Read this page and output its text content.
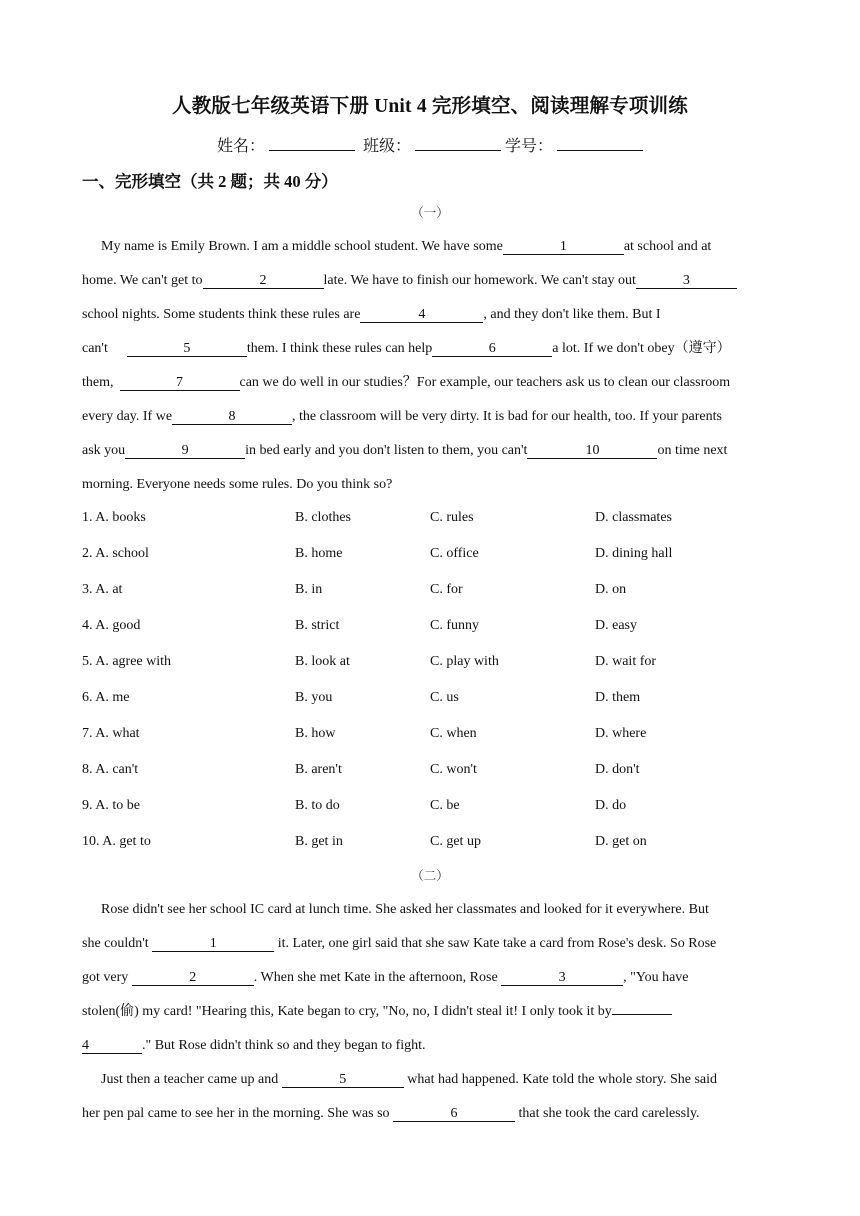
人教版七年级英语下册 Unit 4 完形填空、阅读理解专项训练
姓名：	班级：	学号：
一、完形填空（共 2 题；共 40 分）
（一）
My name is Emily Brown. I am a middle school student. We have some	1	at school and at
home. We can't get to	2	late. We have to finish our homework. We can't stay out	3
school nights. Some students think these rules are	4	, and they don't like them. But I
can't	5	them. I think these rules can help	6	a lot. If we don't obey（遵守）
them,	7	can we do well in our studies？For example, our teachers ask us to clean our classroom
every day. If we	8	, the classroom will be very dirty. It is bad for our health, too. If your parents
ask you	9	in bed early and you don't listen to them, you can't	10	on time next
morning. Everyone needs some rules. Do you think so?
1. A. books	B. clothes	C. rules	D. classmates
2. A. school	B. home	C. office	D. dining hall
3. A. at	B. in	C. for	D. on
4. A. good	B. strict	C. funny	D. easy
5. A. agree with	B. look at	C. play with	D. wait for
6. A. me	B. you	C. us	D. them
7. A. what	B. how	C. when	D. where
8. A. can't	B. aren't	C. won't	D. don't
9. A. to be	B. to do	C. be	D. do
10. A. get to	B. get in	C. get up	D. get on
（二）
Rose didn't see her school IC card at lunch time. She asked her classmates and looked for it everywhere. But
she couldn't	1	it. Later, one girl said that she saw Kate take a card from Rose's desk. So Rose
got very	2	. When she met Kate in the afternoon, Rose	3	, "You have
stolen(偷) my card! "Hearing this, Kate began to cry, "No, no, I didn't steal it! I only took it by
4	." But Rose didn't think so and they began to fight.
Just then a teacher came up and	5	what had happened. Kate told the whole story. She said
her pen pal came to see her in the morning. She was so	6	that she took the card carelessly.
